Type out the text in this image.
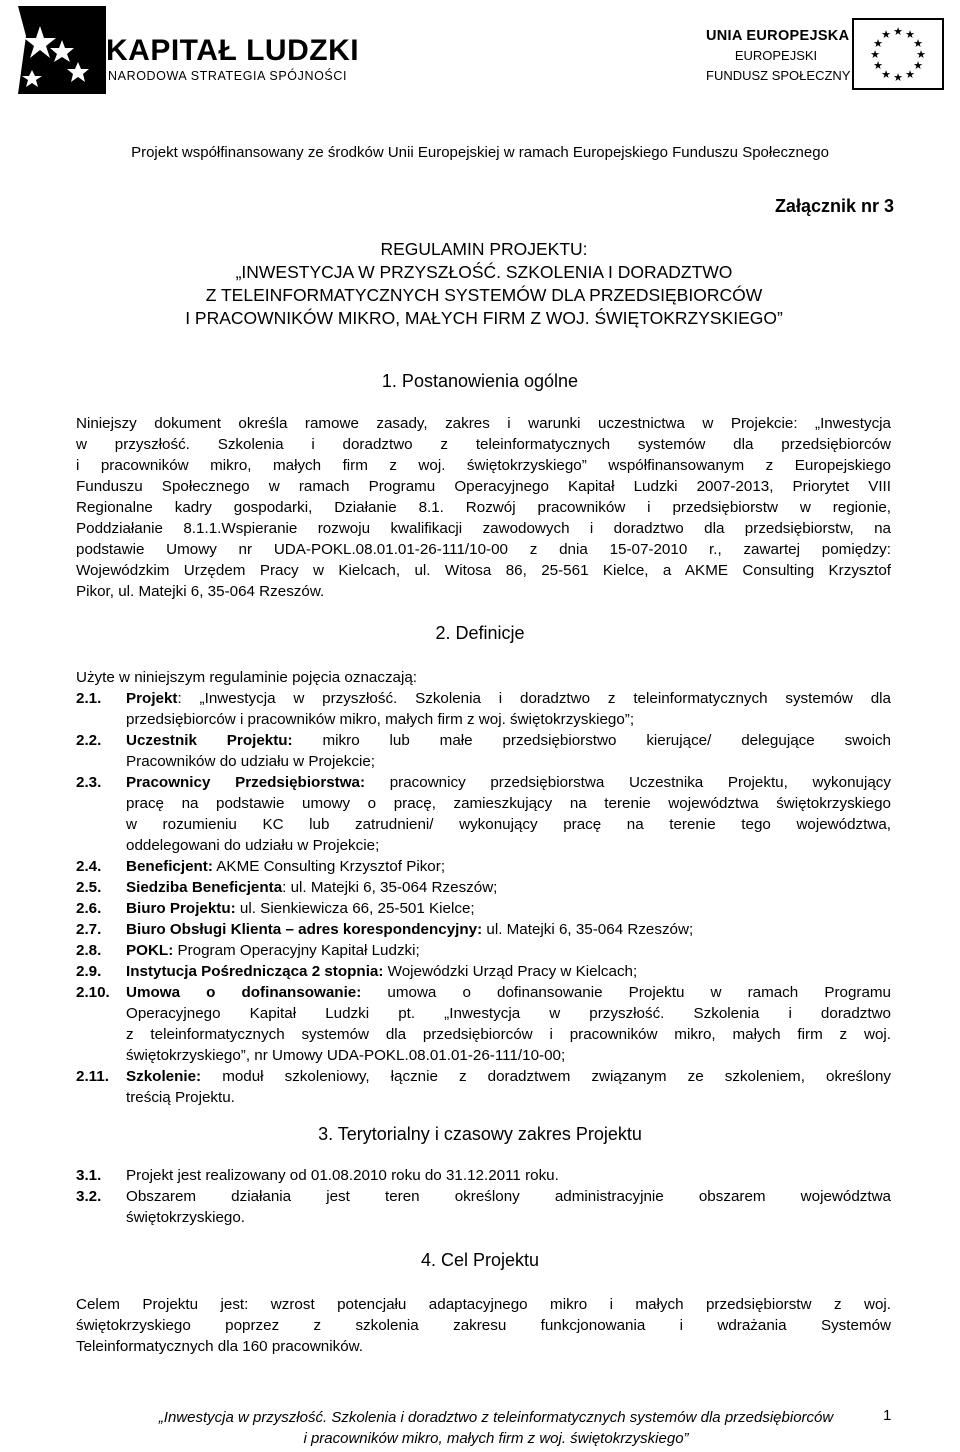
KAPITAŁ LUDZKI
NARODOWA STRATEGIA SPÓJNOŚCI
UNIA EUROPEJSKA
EUROPEJSKI
FUNDUSZ SPOŁECZNY
★ ★
★
★
★
★
★
★
★
★
★
★
Projekt współfinansowany ze środków Unii Europejskiej w ramach Europejskiego Funduszu Społecznego
Załącznik nr 3
REGULAMIN PROJEKTU:
„INWESTYCJA W PRZYSZŁOŚĆ. SZKOLENIA I DORADZTWO
Z TELEINFORMATYCZNYCH SYSTEMÓW DLA PRZEDSIĘBIORCÓW
I PRACOWNIKÓW MIKRO, MAŁYCH FIRM Z WOJ. ŚWIĘTOKRZYSKIEGO”
1. Postanowienia ogólne
Niniejszy dokument określa ramowe zasady, zakres i warunki uczestnictwa w Projekcie: „Inwestycja
w przyszłość. Szkolenia i doradztwo z teleinformatycznych systemów dla przedsiębiorców
i pracowników mikro, małych firm z woj. świętokrzyskiego” współfinansowanym z Europejskiego
Funduszu Społecznego w ramach Programu Operacyjnego Kapitał Ludzki 2007-2013, Priorytet VIII
Regionalne kadry gospodarki, Działanie 8.1. Rozwój pracowników i przedsiębiorstw w regionie,
Poddziałanie 8.1.1.Wspieranie rozwoju kwalifikacji zawodowych i doradztwo dla przedsiębiorstw, na
podstawie Umowy nr UDA-POKL.08.01.01-26-111/10-00 z dnia 15-07-2010 r., zawartej pomiędzy:
Wojewódzkim Urzędem Pracy w Kielcach, ul. Witosa 86, 25-561 Kielce, a AKME Consulting Krzysztof
Pikor, ul. Matejki 6, 35-064 Rzeszów.
2. Definicje
Użyte w niniejszym regulaminie pojęcia oznaczają:
2.1. Projekt: „Inwestycja w przyszłość. Szkolenia i doradztwo z teleinformatycznych systemów dla
przedsiębiorców i pracowników mikro, małych firm z woj. świętokrzyskiego”;
2.2. Uczestnik Projektu: mikro lub małe przedsiębiorstwo kierujące/ delegujące swoich
Pracowników do udziału w Projekcie;
2.3. Pracownicy Przedsiębiorstwa: pracownicy przedsiębiorstwa Uczestnika Projektu, wykonujący
pracę na podstawie umowy o pracę, zamieszkujący na terenie województwa świętokrzyskiego
w rozumieniu KC lub zatrudnieni/ wykonujący pracę na terenie tego województwa,
oddelegowani do udziału w Projekcie;
2.4. Beneficjent: AKME Consulting Krzysztof Pikor;
2.5. Siedziba Beneficjenta: ul. Matejki 6, 35-064 Rzeszów;
2.6. Biuro Projektu: ul. Sienkiewicza 66, 25-501 Kielce;
2.7. Biuro Obsługi Klienta – adres korespondencyjny: ul. Matejki 6, 35-064 Rzeszów;
2.8. POKL: Program Operacyjny Kapitał Ludzki;
2.9. Instytucja Pośrednicząca 2 stopnia: Wojewódzki Urząd Pracy w Kielcach;
2.10. Umowa o dofinansowanie: umowa o dofinansowanie Projektu w ramach Programu
Operacyjnego Kapitał Ludzki pt. „Inwestycja w przyszłość. Szkolenia i doradztwo
z teleinformatycznych systemów dla przedsiębiorców i pracowników mikro, małych firm z woj.
świętokrzyskiego”, nr Umowy UDA-POKL.08.01.01-26-111/10-00;
2.11. Szkolenie: moduł szkoleniowy, łącznie z doradztwem związanym ze szkoleniem, określony
treścią Projektu.
3. Terytorialny i czasowy zakres Projektu
3.1. Projekt jest realizowany od 01.08.2010 roku do 31.12.2011 roku.
3.2. Obszarem działania jest teren określony administracyjnie obszarem województwa
świętokrzyskiego.
4. Cel Projektu
Celem Projektu jest: wzrost potencjału adaptacyjnego mikro i małych przedsiębiorstw z woj.
świętokrzyskiego poprzez z szkolenia zakresu funkcjonowania i wdrażania Systemów
Teleinformatycznych dla 160 pracowników.
„Inwestycja w przyszłość. Szkolenia i doradztwo z teleinformatycznych systemów dla przedsiębiorców
i pracowników mikro, małych firm z woj. świętokrzyskiego”
1
